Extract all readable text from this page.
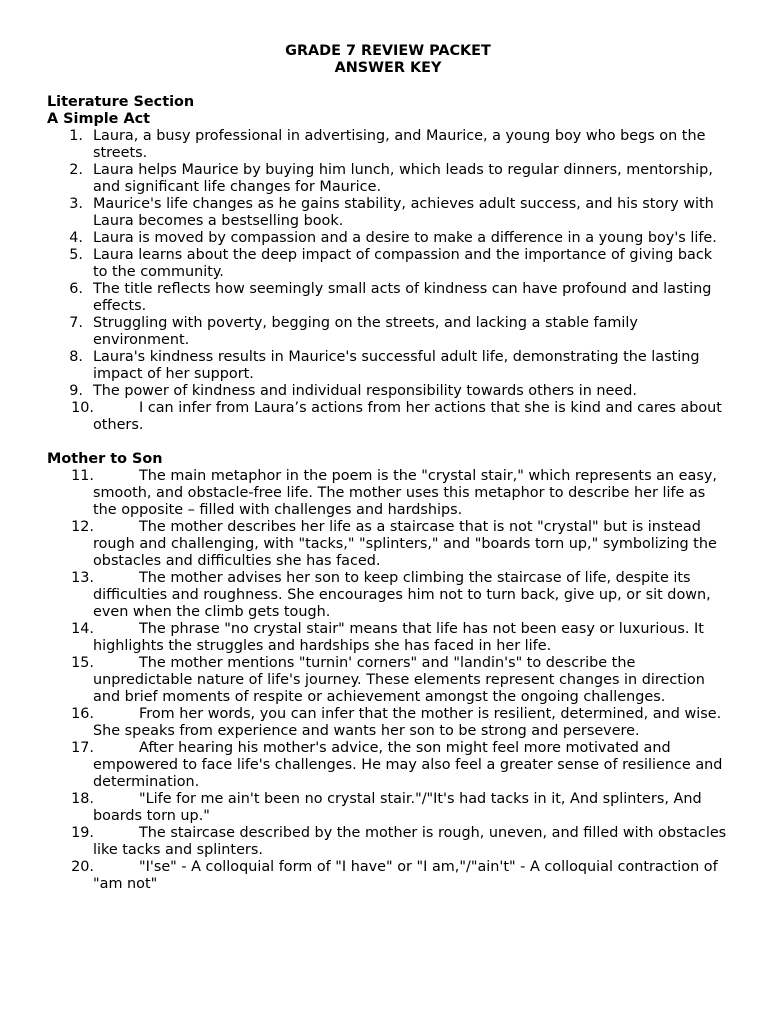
GRADE 7 REVIEW PACKET
ANSWER KEY
Literature Section
A Simple Act
1. Laura, a busy professional in advertising, and Maurice, a young boy who begs on the streets.
2. Laura helps Maurice by buying him lunch, which leads to regular dinners, mentorship, and significant life changes for Maurice.
3. Maurice's life changes as he gains stability, achieves adult success, and his story with Laura becomes a bestselling book.
4. Laura is moved by compassion and a desire to make a difference in a young boy's life.
5. Laura learns about the deep impact of compassion and the importance of giving back to the community.
6. The title reflects how seemingly small acts of kindness can have profound and lasting effects.
7. Struggling with poverty, begging on the streets, and lacking a stable family environment.
8. Laura's kindness results in Maurice's successful adult life, demonstrating the lasting impact of her support.
9. The power of kindness and individual responsibility towards others in need.
10.	I can infer from Laura’s actions from her actions that she is kind and cares about others.
Mother to Son
11.	The main metaphor in the poem is the "crystal stair," which represents an easy, smooth, and obstacle-free life. The mother uses this metaphor to describe her life as the opposite – filled with challenges and hardships.
12.	The mother describes her life as a staircase that is not "crystal" but is instead rough and challenging, with "tacks," "splinters," and "boards torn up," symbolizing the obstacles and difficulties she has faced.
13.	The mother advises her son to keep climbing the staircase of life, despite its difficulties and roughness. She encourages him not to turn back, give up, or sit down, even when the climb gets tough.
14.	The phrase "no crystal stair" means that life has not been easy or luxurious. It highlights the struggles and hardships she has faced in her life.
15.	The mother mentions "turnin' corners" and "landin's" to describe the unpredictable nature of life's journey. These elements represent changes in direction and brief moments of respite or achievement amongst the ongoing challenges.
16.	From her words, you can infer that the mother is resilient, determined, and wise. She speaks from experience and wants her son to be strong and persevere.
17.	After hearing his mother's advice, the son might feel more motivated and empowered to face life's challenges. He may also feel a greater sense of resilience and determination.
18.	"Life for me ain't been no crystal stair."/"It's had tacks in it, And splinters, And boards torn up."
19.	The staircase described by the mother is rough, uneven, and filled with obstacles like tacks and splinters.
20.	"I'se" - A colloquial form of "I have" or "I am,"/"ain't" - A colloquial contraction of "am not"
